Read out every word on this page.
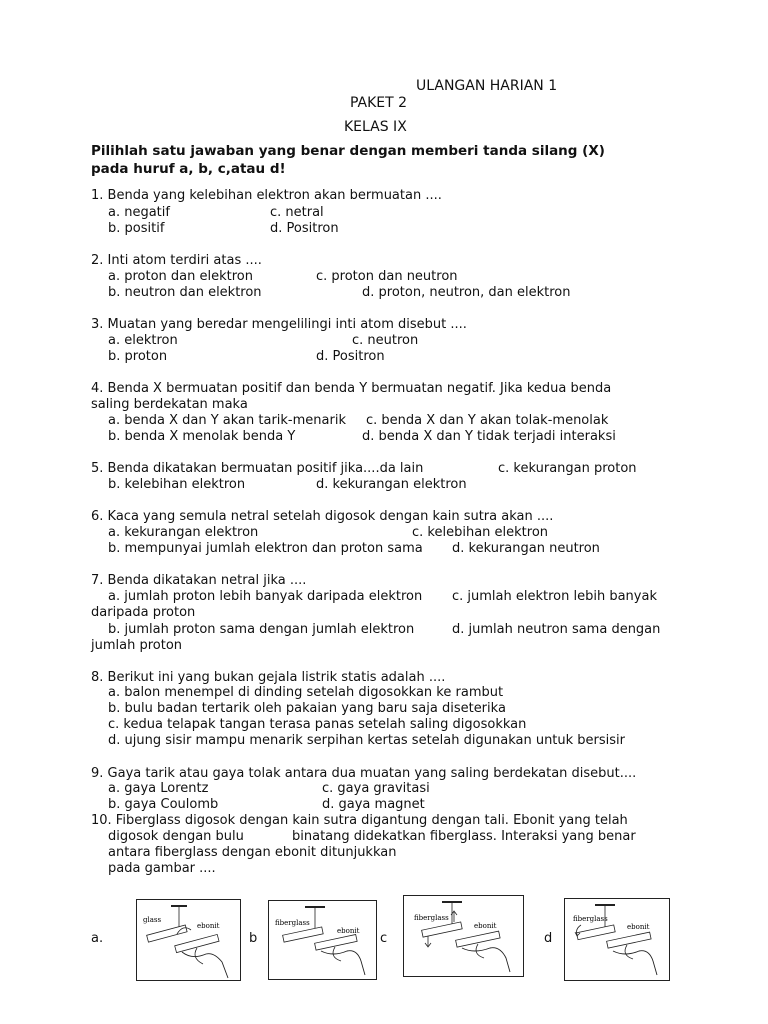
ULANGAN HARIAN 1
PAKET 2
KELAS IX
Pilihlah satu jawaban yang benar dengan memberi tanda silang (X)
pada huruf a, b, c,atau d!
1. Benda yang kelebihan elektron akan bermuatan ....
a. negatif	c. netral
b. positif	d. Positron
2. Inti atom terdiri atas ....
a. proton dan elektron	c. proton dan neutron
b. neutron dan elektron	d. proton, neutron, dan elektron
3. Muatan yang beredar mengelilingi inti atom disebut ....
a. elektron	c. neutron
b. proton	d. Positron
4. Benda X bermuatan positif dan benda Y bermuatan negatif. Jika kedua benda
saling berdekatan maka
a. benda X dan Y akan tarik-menarik c. benda X dan Y akan tolak-menolak
b. benda X menolak benda Y	d. benda X dan Y tidak terjadi interaksi
5. Benda dikatakan bermuatan positif jika....da lain	c. kekurangan proton
b. kelebihan elektron	d. kekurangan elektron
6. Kaca yang semula netral setelah digosok dengan kain sutra akan ....
a. kekurangan elektron	c. kelebihan elektron
b. mempunyai jumlah elektron dan proton sama d. kekurangan neutron
7. Benda dikatakan netral jika ....
a. jumlah proton lebih banyak daripada elektron c. jumlah elektron lebih banyak
daripada proton
b. jumlah proton sama dengan jumlah elektron	d. jumlah neutron sama dengan
jumlah proton
8. Berikut ini yang bukan gejala listrik statis adalah ....
a. balon menempel di dinding setelah digosokkan ke rambut
b. bulu badan tertarik oleh pakaian yang baru saja diseterika
c. kedua telapak tangan terasa panas setelah saling digosokkan
d. ujung sisir mampu menarik serpihan kertas setelah digunakan untuk bersisir
9. Gaya tarik atau gaya tolak antara dua muatan yang saling berdekatan disebut....
a. gaya Lorentz	c. gaya gravitasi
b. gaya Coulomb	d. gaya magnet
10. Fiberglass digosok dengan kain sutra digantung dengan tali. Ebonit yang telah
digosok dengan bulu	binatang didekatkan fiberglass. Interaksi yang benar
antara fiberglass dengan ebonit ditunjukkan
pada gambar ....
a.	b	c	d
glass
ebonit	fiberglass
ebonit
fiberglass
ebonit
fiberglass
ebonit
